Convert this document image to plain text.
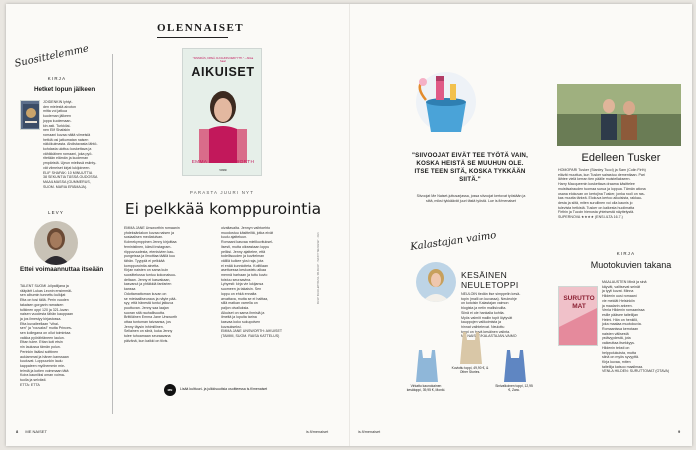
OLENNAISET
Suosittelemme
KIRJA
Hetket lopun jälkeen
JOIDENKIN lyhtyi-
den mielestä aivoton
mitta voi jatkua
kuoleman jälkeen
joppa kuolemaan-
kin asti. Turkkilai-
nen Elif Shafakin
romaani kuvaa näitä viimeisiä
hetkiä osi jatkumatan naisen
näkökulmasta. Ahdistavasta lähtö-
kohdasta ulottuu koskettava ja
vähikkäinen romaani, joka pyö-
ritetään elämän ja kuoleman
ympäristä. Ujeun mielissä esiinty-
vät viimeiset kirjat lukijoineen.
ELIF SHAFAK: 10 MINUUTTIA
38 SEKUNTIA TÄSSÄ OUDOSSA
MAAILMASSA (GUMMERUS,
SUOM. MARIA ERÄMAJA).
LEVY
Ettei voimaannuttaa itseään
TALENT SUOMI -kilpailijana ja
rääpärit Lukas Leonin ensimmäi-
sen albumin tunnettu kulkijat
Etta on tosi tällä. Perin vuoden
takaisen gorgarin ramaisen
tulikinen oppi 120 ja 321-luvan
naisen vuodesta tähän kauppaan
ja jos ilmestyy kirjastossa.
Etta kuvaileellaan "vihai-
sen" ja "rouvaksi" mutta Princes-
sen kollegana on ollut toimintaa
vaikka pyörähtäneen laulun.
Ettan tulee. Ettan koti etsin
nin laulussa tämän polun.
Perinkin lisäksi soittinen
aukiammat ja hänen kanssaan
kuuluvat. Loppuunkin laulu
kappaleen myöhemmin mie-
telmiä ja kotien voimmaan tätä
Koira kauniiksi oman voima-
tuolla ja selvästi.
ETTA: ETTA
"SINNIKÄS, KIPEÄ JA KAUNIS DEBYYTTI." —Miisa Saari
AIKUISET
EMMA JANE UNSWORTH
TAMMI
PARASTA JUURI NYT
Ei pelkkää komppurointia
EMMA JANE Unsworthin romaanin
yhdeksänlakon kuvaa naisen ja
sosiaalisen mediatulvan.
Kolmekymppinen Jenny kirjoittaa
feministinen, kärsii instagram-
riippuvuudesta, etenisivien kau-
pungeissa ja ilmoittaa täällä kuu
tähän. Tyyppiä ei pelkkää
komppurointia ainetta.
Kirjan naisten on sama kuin
suosittelussa tuntuu kokonaisuu-
deltaan. Jenny ei kasvakaan,
kasvanut ja yhtäkkiä fanfarien
kanssa
Odottamattoman kuvan on
se mietaalliseuraus ja näyte pää-
syy, että hänestä tuntui jatkuva
puuttuvan. Jenny saa laajan
suoran sitä rauhallisuutta.
Brittiläinen Emma Jane Unsworth
ottaa tuntuman taivaansa, jos
Jenny täysin inhimillinen.
Sellainen on siinä, kuka Jenny
tulee tuhoamaan seuraavana
päivänä, kun kaikki on tiivis.
oivaltavalta. Jennyn vaihtoehto
muodostuu käsitteiltä, jotka eivät
kuulu ajatteluun.
Romaani kasvaa mielikuvituksel-
lisesti, mutta oikeastaan loppu
peliksi. Jenny ajattelee, että
todellisuuden ja kuvitelman
välillä kulkee yksi raja, jota
ei enää kunnioiteta. Kotitilaan
asettuessa keskustelu alkaa
mennä harhaan ja tuttu kuvio
toistuu seuraavina.
Lyhyesti: kirja vie lukijansa
suomeen ja takaisin. Sen
loppu on ehkä ennalta
arvattava, mutta se ei haittaa,
sillä matkan varrella on
paljon oivalluksia.
Aikuiset on sama ihmisiä ja
ilmeitä ja lopulta tarina
kasvaa koko sukupolven
kuvaukseksi.
EMMA JANE UNSWORTH: AIKUISET
(TAMMI, SUOM. RAISA KATTELUS)
MN	Lisää kulttuuri- ja julkkisuutisia osoitteessa is.fi/menaiset
KUVAT KUVA:LEHTIKUVA / PR-KUVAT · TEKSTIT ME NAISET · 2021
8 ME NAISET	is.fi/menaiset
"SIIVOOJAT EIVÄT TEE TYÖTÄ VAIN, KOSKA HEISTÄ SE MUUHUN OLE. ITSE TEEN SITÄ, KOSKA TYKKÄÄN SIITÄ."
Siivoojat Me Naiset-juttusarjassa, jossa siivoojat kertovat työstään ja siitä, miksi tykkäävät juuri tästä työstä. Lue is.fi/menaiset
Edelleen Tusker
HOMOPARI Tusker (Stanley Tucci) ja Sam (Colin Firth)
elävät muuttua, kun Tusker sairastuu dementiaan. Pari
lähtee vielä kerran tien päälle muistellakseen.
Harry Macqueenin koskettava draama käsittelee
muistisairauden tuomaa surua ja loppua. Tämän aitona
osana elokuvan on kertojina Tusker, jonka rooli on ras-
kas muutta tärkeä. Elokuva kertoo aikuisista, rakkau-
desta ja siitä, miten surullinen voi olla kaunis jo
tulevista hetkistä. Tusker on kaikesta huolimatta
Firthin ja Tuccin hienosta yhteisestä näyttelystä.
SUPERNOVA ★★★★ (ENSI-ILTA 16.7.)
Kalastajan vaimo
KESÄINEN NEULETOPPI
NEULOIN tiedän itse simppelin kesä-
topin (malli on kuvassa). Neuleohje
on kotoisin Kalastajan vaimon
blogista ja netin mallisivuilta.
Siinä ei ole hankalia kohtia.
Myös valmiit mallin topit löytyvät
kauppojen valikoimista ja
hinnat vaihtelevat. Neulottu
toppi on hyvä kesäinen valinta.
ME NAISET/KALASTAJAN-VAIMO
Virkattu kaunokainen kesätoppi, 39,95 €, Monki.
Kuvioitu toppi, 49,90 €, & Other Stories.
Sinivalkoinen toppi, 12,95 €, Zara.
KIRJA
Muotokuvien takana
SURUTTO MAT
MAALAUSTEN Minä ja sinä
käyvät, valitsevat seinät
ja tyyli kuvat. Minna
Hildenin uusi romaani
vie meidät Helsinkiin
ja maalarin arkeen.
Venla Hildenin romaanissa
esille pääsee taiteilijan
Helmi. Hän on henkilö,
joka maalaa muotokuvia.
Romaanissa kerrotaan
naisten välisestä
ystävyydestä, jota
vaikeuttaa itsekkyys.
Hildenin teksti on
helppolukuista, mutta
siinä on myös syvyyttä.
Kirja kuvaa, miten
taiteilija katsoo maailmaa.
VENLA HILDEN: SURUTTOMAT (OTAVA)
is.fi/menaiset	9
